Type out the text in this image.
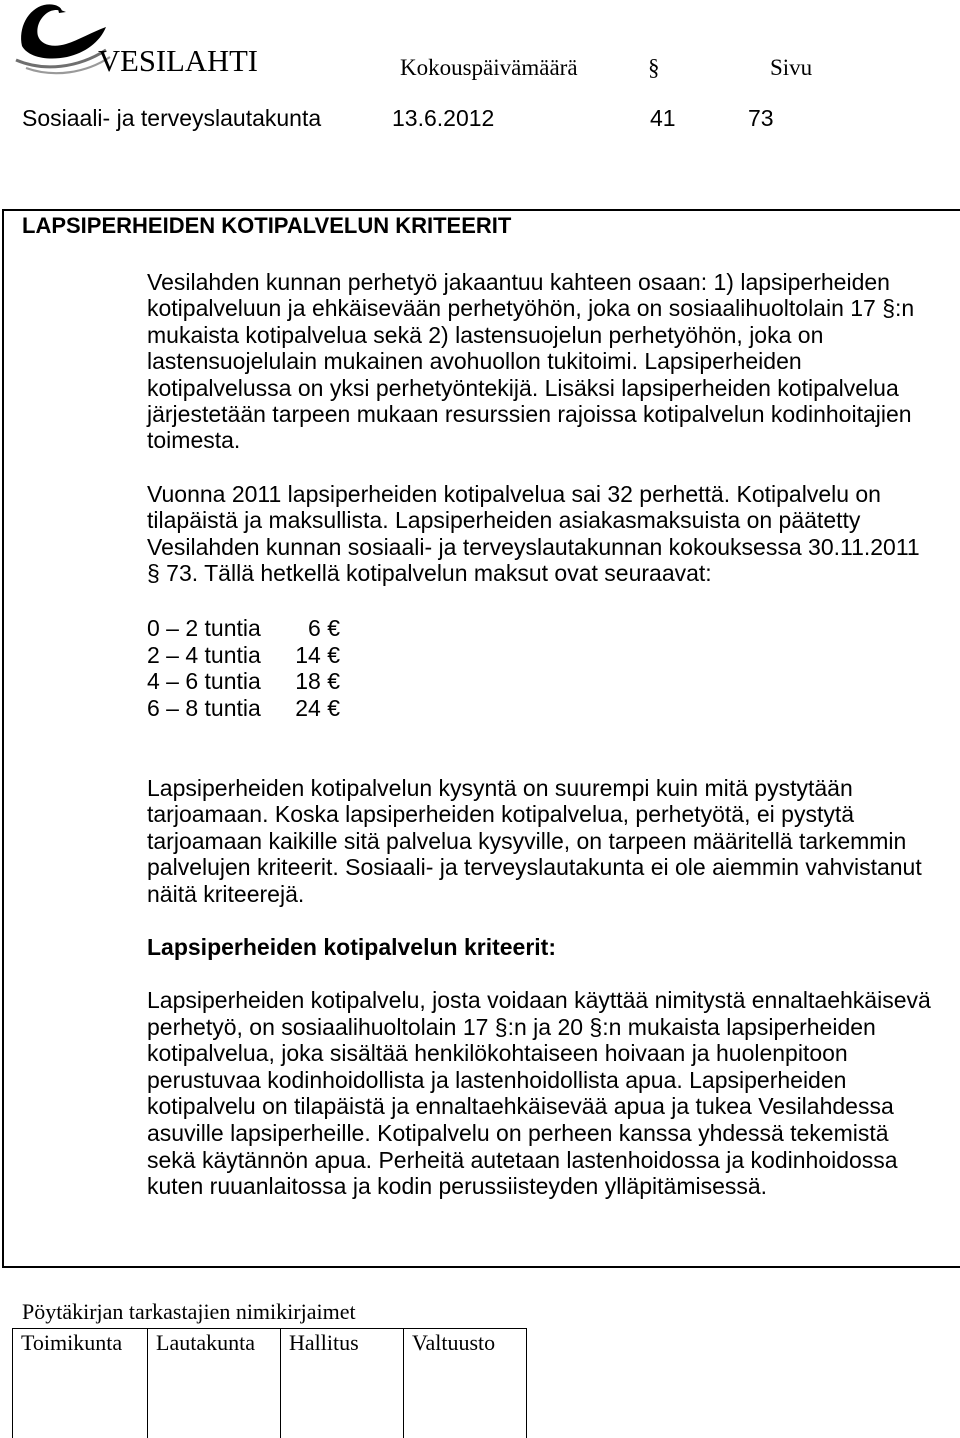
VESILAHTI	Kokouspäivämäärä	§	Sivu
Sosiaali- ja terveyslautakunta	13.6.2012	41	73
LAPSIPERHEIDEN KOTIPALVELUN KRITEERIT
Vesilahden kunnan perhetyö jakaantuu kahteen osaan: 1) lapsiperheiden
kotipalveluun ja ehkäisevään perhetyöhön, joka on sosiaalihuoltolain 17 §:n
mukaista kotipalvelua sekä 2) lastensuojelun perhetyöhön, joka on
lastensuojelulain mukainen avohuollon tukitoimi. Lapsiperheiden
kotipalvelussa on yksi perhetyöntekijä. Lisäksi lapsiperheiden kotipalvelua
järjestetään tarpeen mukaan resurssien rajoissa kotipalvelun kodinhoitajien
toimesta.
Vuonna 2011 lapsiperheiden kotipalvelua sai 32 perhettä. Kotipalvelu on
tilapäistä ja maksullista. Lapsiperheiden asiakasmaksuista on päätetty
Vesilahden kunnan sosiaali- ja terveyslautakunnan kokouksessa 30.11.2011
§ 73. Tällä hetkellä kotipalvelun maksut ovat seuraavat:
0 – 2 tuntia	6 €
2 – 4 tuntia	14 €
4 – 6 tuntia	18 €
6 – 8 tuntia	24 €
Lapsiperheiden kotipalvelun kysyntä on suurempi kuin mitä pystytään
tarjoamaan. Koska lapsiperheiden kotipalvelua, perhetyötä, ei pystytä
tarjoamaan kaikille sitä palvelua kysyville, on tarpeen määritellä tarkemmin
palvelujen kriteerit. Sosiaali- ja terveyslautakunta ei ole aiemmin vahvistanut
näitä kriteerejä.
Lapsiperheiden kotipalvelun kriteerit:
Lapsiperheiden kotipalvelu, josta voidaan käyttää nimitystä ennaltaehkäisevä
perhetyö, on sosiaalihuoltolain 17 §:n ja 20 §:n mukaista lapsiperheiden
kotipalvelua, joka sisältää henkilökohtaiseen hoivaan ja huolenpitoon
perustuvaa kodinhoidollista ja lastenhoidollista apua. Lapsiperheiden
kotipalvelu on tilapäistä ja ennaltaehkäisevää apua ja tukea Vesilahdessa
asuville lapsiperheille. Kotipalvelu on perheen kanssa yhdessä tekemistä
sekä käytännön apua. Perheitä autetaan lastenhoidossa ja kodinhoidossa
kuten ruuanlaitossa ja kodin perussiisteyden ylläpitämisessä.
Pöytäkirjan tarkastajien nimikirjaimet
Toimikunta	Lautakunta	Hallitus	Valtuusto
